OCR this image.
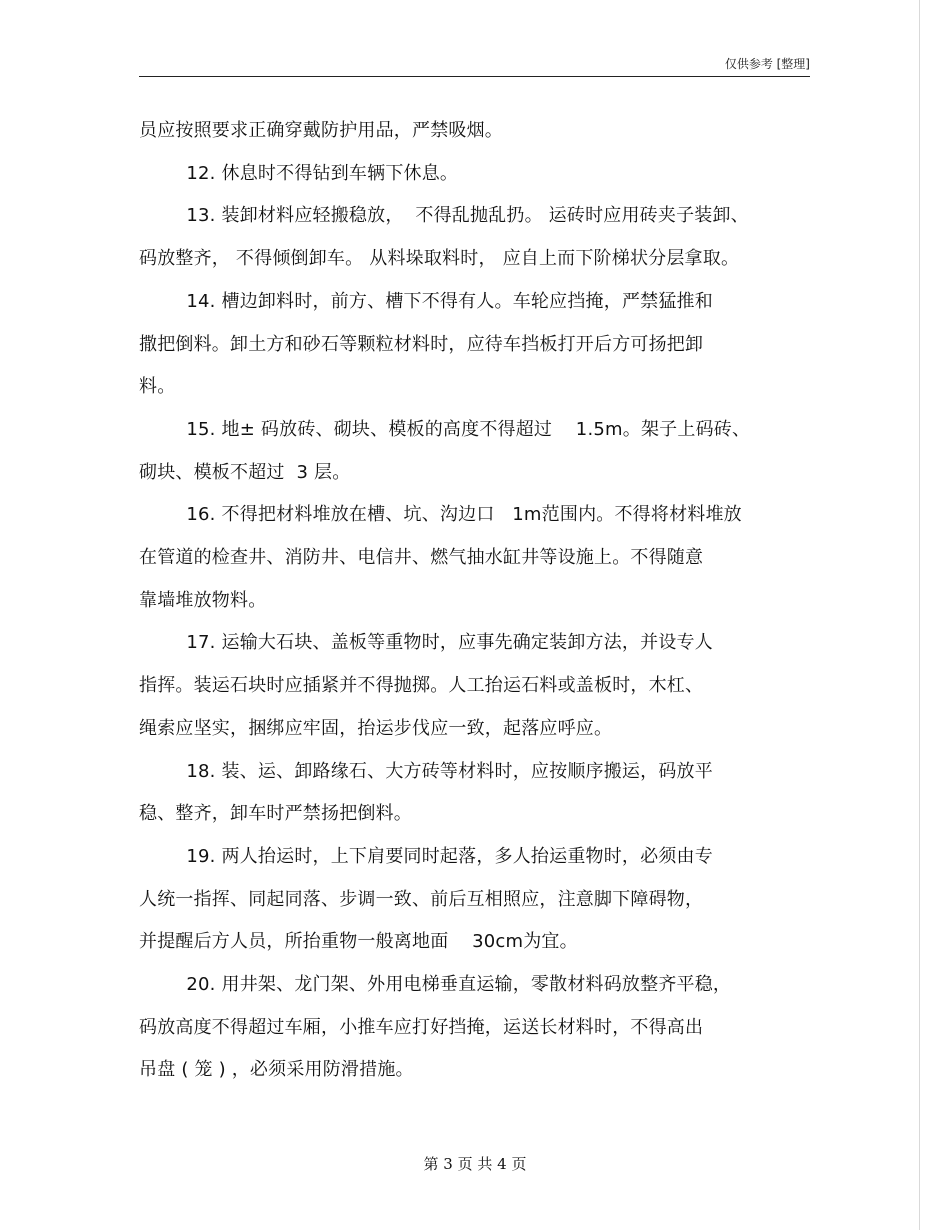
仅供参考 [整理]

员应按照要求正确穿戴防护用品，严禁吸烟。

12. 休息时不得钻到车辆下休息。

13. 装卸材料应轻搬稳放，  不得乱抛乱扔。 运砖时应用砖夹子装卸、

码放整齐， 不得倾倒卸车。 从料垛取料时， 应自上而下阶梯状分层拿取。

14. 槽边卸料时，前方、槽下不得有人。车轮应挡掩，严禁猛推和

撒把倒料。卸土方和砂石等颗粒材料时，应待车挡板打开后方可扬把卸

料。

15. 地± 码放砖、砌块、模板的高度不得超过    1.5m。架子上码砖、

砌块、模板不超过  3 层。

16. 不得把材料堆放在槽、坑、沟边口   1m范围内。不得将材料堆放

在管道的检查井、消防井、电信井、燃气抽水缸井等设施上。不得随意

靠墙堆放物料。

17. 运输大石块、盖板等重物时，应事先确定装卸方法，并设专人

指挥。装运石块时应插紧并不得抛掷。人工抬运石料或盖板时，木杠、

绳索应坚实，捆绑应牢固，抬运步伐应一致，起落应呼应。

18. 装、运、卸路缘石、大方砖等材料时，应按顺序搬运，码放平

稳、整齐，卸车时严禁扬把倒料。

19. 两人抬运时，上下肩要同时起落，多人抬运重物时，必须由专

人统一指挥、同起同落、步调一致、前后互相照应，注意脚下障碍物，

并提醒后方人员，所抬重物一般离地面    30cm为宜。

20. 用井架、龙门架、外用电梯垂直运输，零散材料码放整齐平稳，

码放高度不得超过车厢，小推车应打好挡掩，运送长材料时，不得高出

吊盘 ( 笼 ) ，必须采用防滑措施。

第 3 页 共 4 页
